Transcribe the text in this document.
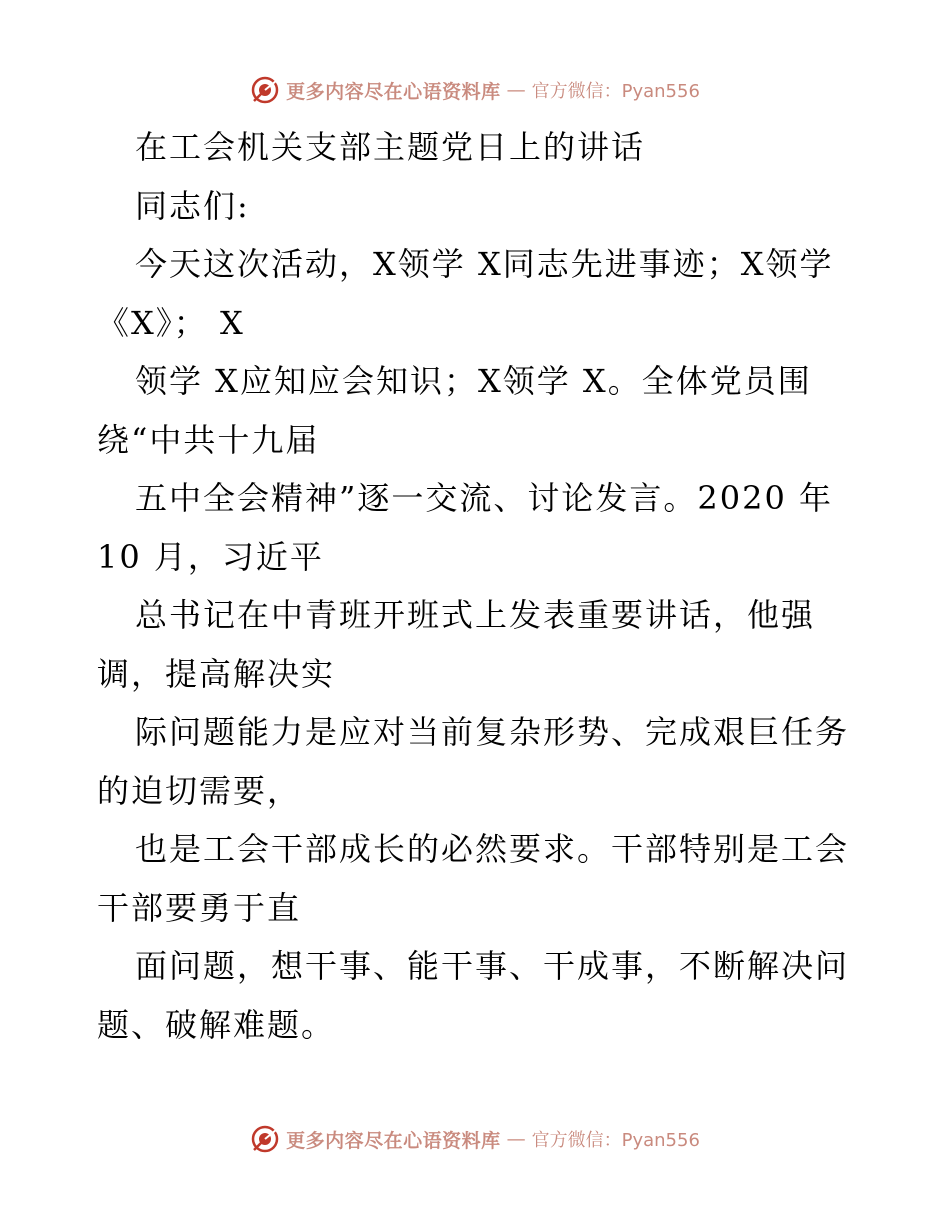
更多内容尽在心语资料库 — 官方微信：Pyan556
在工会机关支部主题党日上的讲话
同志们:
今天这次活动，X领学 X同志先进事迹；X领学
《X》； X
领学 X应知应会知识；X领学 X。全体党员围
绕“中共十九届
五中全会精神”逐一交流、讨论发言。2020 年
10 月，习近平
总书记在中青班开班式上发表重要讲话，他强
调，提高解决实
际问题能力是应对当前复杂形势、完成艰巨任务
的迫切需要，
也是工会干部成长的必然要求。干部特别是工会
干部要勇于直
面问题，想干事、能干事、干成事，不断解决问
题、破解难题。
更多内容尽在心语资料库 — 官方微信：Pyan556
